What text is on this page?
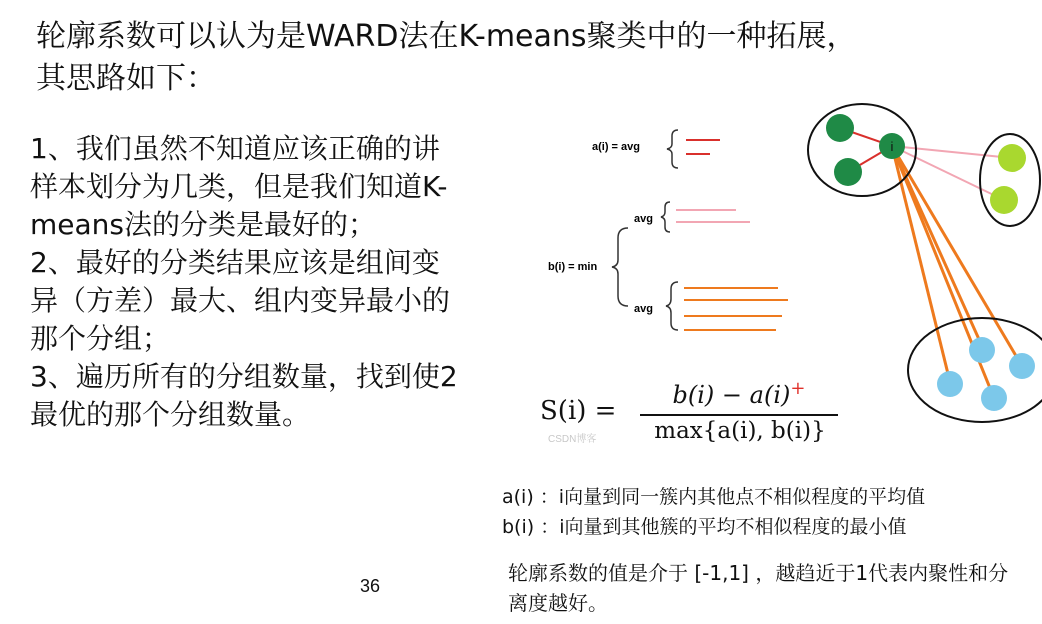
轮廓系数可以认为是WARD法在K-means聚类中的一种拓展，
其思路如下：
1、我们虽然不知道应该正确的讲
样本划分为几类，但是我们知道K-
means法的分类是最好的；
2、最好的分类结果应该是组间变
异（方差）最大、组内变异最小的
那个分组；
3、遍历所有的分组数量，找到使2
最优的那个分组数量。
a(i) = avg
b(i) = min
avg
avg
i
S(i) =
b(i) − a(i)+
max{a(i), b(i)}
CSDN博客
a(i) ：i向量到同一簇内其他点不相似程度的平均值
b(i) ：i向量到其他簇的平均不相似程度的最小值
轮廓系数的值是介于 [-1,1] ，越趋近于1代表内聚性和分离度越好。
36
